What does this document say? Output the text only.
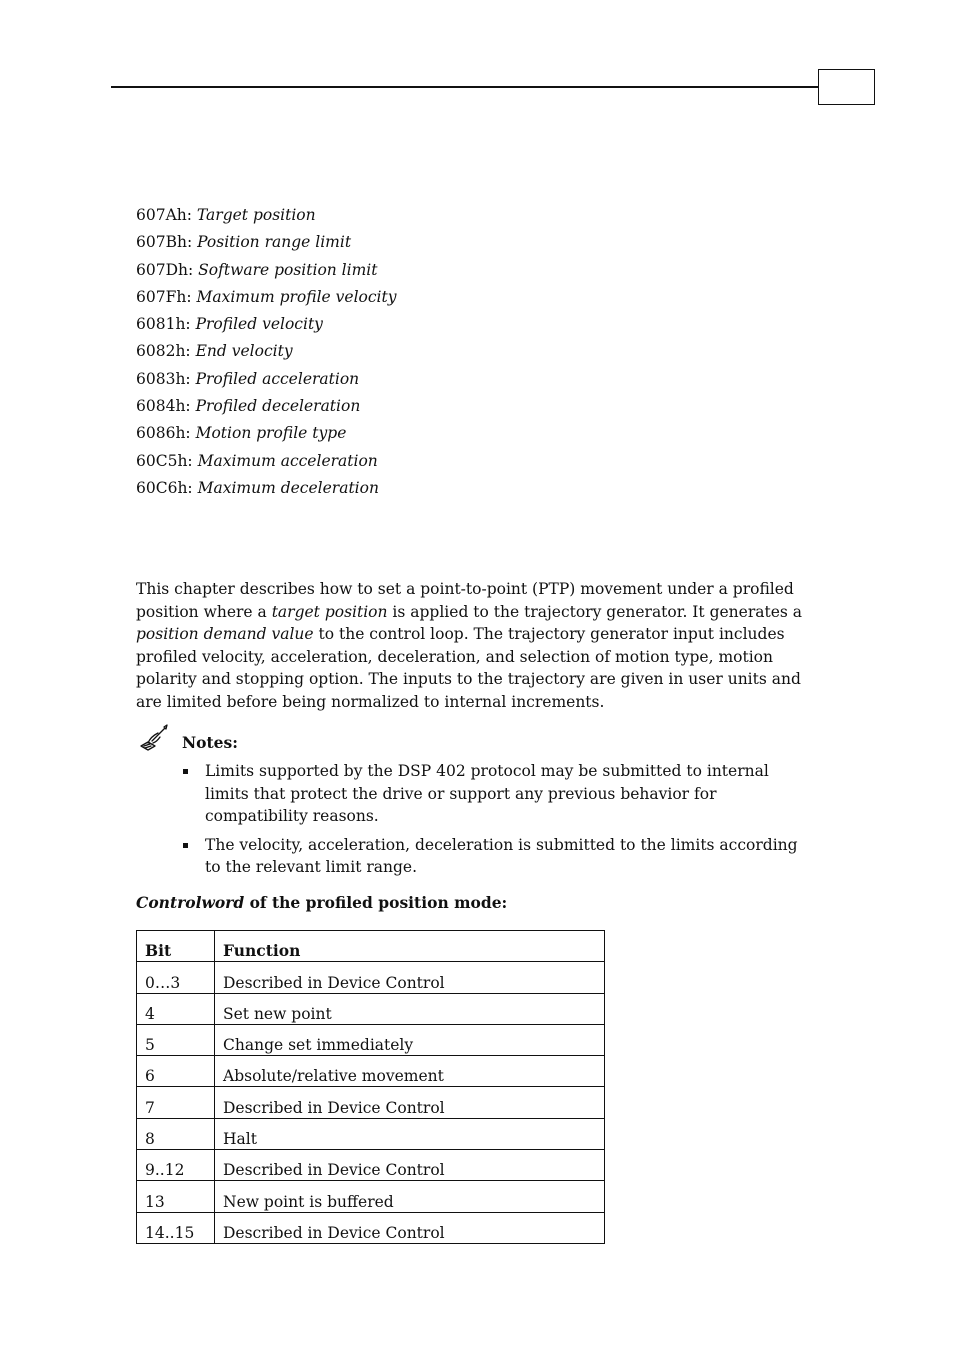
607Ah: Target position
607Bh: Position range limit
607Dh: Software position limit
607Fh: Maximum profile velocity
6081h: Profiled velocity
6082h: End velocity
6083h: Profiled acceleration
6084h: Profiled deceleration
6086h: Motion profile type
60C5h: Maximum acceleration
60C6h: Maximum deceleration

This chapter describes how to set a point-to-point (PTP) movement under a profiled position where a target position is applied to the trajectory generator. It generates a position demand value to the control loop. The trajectory generator input includes profiled velocity, acceleration, deceleration, and selection of motion type, motion polarity and stopping option. The inputs to the trajectory are given in user units and are limited before being normalized to internal increments.

Notes:
Limits supported by the DSP 402 protocol may be submitted to internal limits that protect the drive or support any previous behavior for compatibility reasons.
The velocity, acceleration, deceleration is submitted to the limits according to the relevant limit range.
Controlword of the profiled position mode:
Bit	Function
0…3	Described in Device Control
4	Set new point
5	Change set immediately
6	Absolute/relative movement
7	Described in Device Control
8	Halt
9..12	Described in Device Control
13	New point is buffered
14..15	Described in Device Control
